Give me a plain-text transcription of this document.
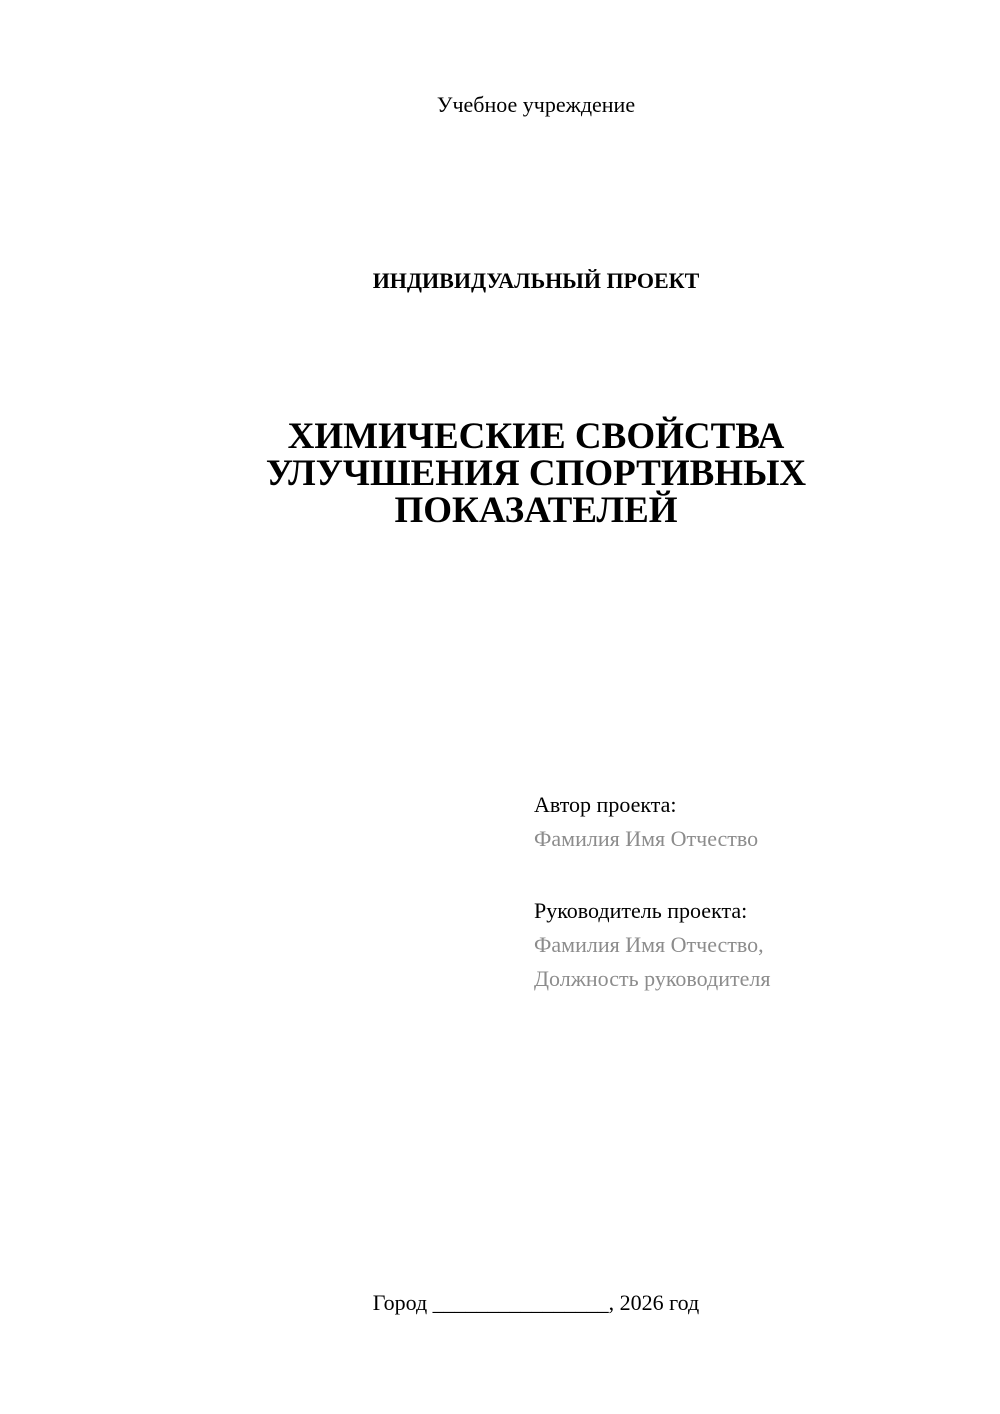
Учебное учреждение
ИНДИВИДУАЛЬНЫЙ ПРОЕКТ
ХИМИЧЕСКИЕ СВОЙСТВА
УЛУЧШЕНИЯ СПОРТИВНЫХ
ПОКАЗАТЕЛЕЙ
Автор проекта:
Фамилия Имя Отчество
Руководитель проекта:
Фамилия Имя Отчество,
Должность руководителя
Город ________________, 2026 год
